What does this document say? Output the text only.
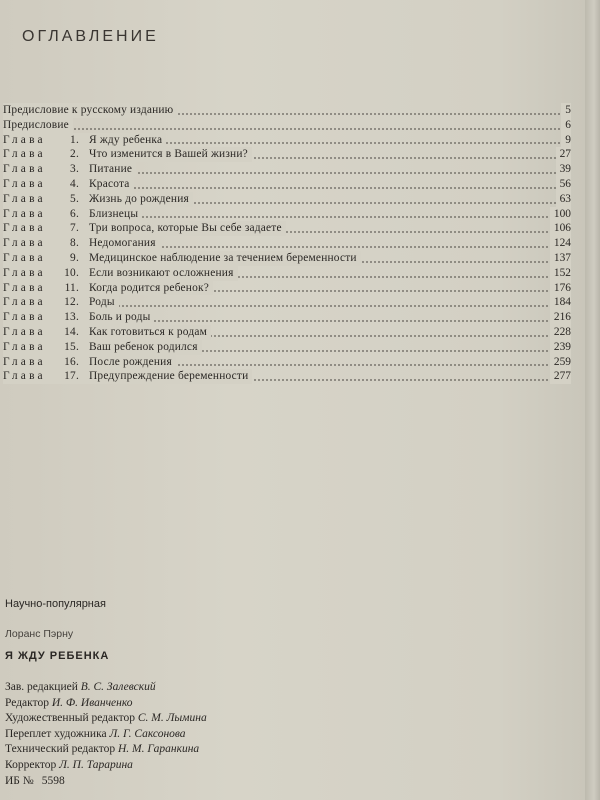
ОГЛАВЛЕНИЕ
Предисловие к русскому изданию	5
Предисловие	6
Глава 1. Я жду ребенка	9
Глава 2. Что изменится в Вашей жизни?	27
Глава 3. Питание	39
Глава 4. Красота	56
Глава 5. Жизнь до рождения	63
Глава 6. Близнецы	100
Глава 7. Три вопроса, которые Вы себе задаете	106
Глава 8. Недомогания	124
Глава 9. Медицинское наблюдение за течением беременности	137
Глава 10. Если возникают осложнения	152
Глава 11. Когда родится ребенок?	176
Глава 12. Роды	184
Глава 13. Боль и роды	216
Глава 14. Как готовиться к родам	228
Глава 15. Ваш ребенок родился	239
Глава 16. После рождения	259
Глава 17. Предупреждение беременности	277
Научно-популярная
Лоранс Пэрну
Я ЖДУ РЕБЕНКА
Зав. редакцией В. С. Залевский
Редактор И. Ф. Иванченко
Художественный редактор С. М. Лымина
Переплет художника Л. Г. Саксонова
Технический редактор Н. М. Гаранкина
Корректор Л. П. Тарарина
ИБ № 5598
